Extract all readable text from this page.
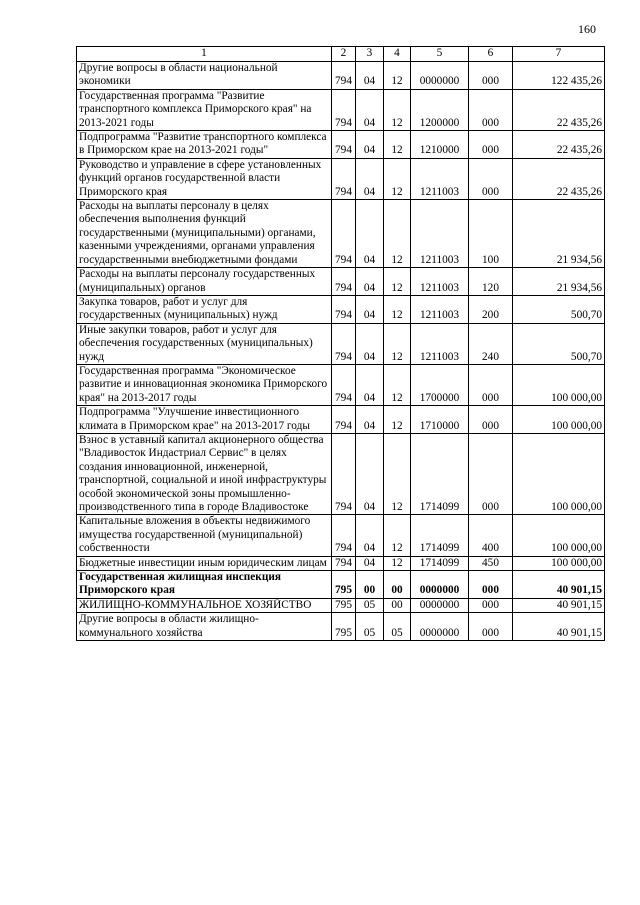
160
1	2	3	4	5	6	7
Другие вопросы в области национальной экономики	794	04	12	0000000	000	122 435,26
Государственная программа "Развитие транспортного комплекса Приморского края" на 2013-2021 годы	794	04	12	1200000	000	22 435,26
Подпрограмма "Развитие транспортного комплекса в Приморском крае на 2013-2021 годы"	794	04	12	1210000	000	22 435,26
Руководство и управление в сфере установленных функций органов государственной власти Приморского края	794	04	12	1211003	000	22 435,26
Расходы на выплаты персоналу в целях обеспечения выполнения функций государственными (муниципальными) органами, казенными учреждениями, органами управления государственными внебюджетными фондами	794	04	12	1211003	100	21 934,56
Расходы на выплаты персоналу государственных (муниципальных) органов	794	04	12	1211003	120	21 934,56
Закупка товаров, работ и услуг для государственных (муниципальных) нужд	794	04	12	1211003	200	500,70
Иные закупки товаров, работ и услуг для обеспечения государственных (муниципальных) нужд	794	04	12	1211003	240	500,70
Государственная программа "Экономическое развитие и инновационная экономика Приморского края" на 2013-2017 годы	794	04	12	1700000	000	100 000,00
Подпрограмма "Улучшение инвестиционного климата в Приморском крае" на 2013-2017 годы	794	04	12	1710000	000	100 000,00
Взнос в уставный капитал акционерного общества "Владивосток Индастриал Сервис" в целях создания инновационной, инженерной, транспортной, социальной и иной инфраструктуры особой экономической зоны промышленно-производственного типа в городе Владивостоке	794	04	12	1714099	000	100 000,00
Капитальные вложения в объекты недвижимого имущества государственной (муниципальной) собственности	794	04	12	1714099	400	100 000,00
Бюджетные инвестиции иным юридическим лицам	794	04	12	1714099	450	100 000,00
Государственная жилищная инспекция Приморского края	795	00	00	0000000	000	40 901,15
ЖИЛИЩНО-КОММУНАЛЬНОЕ ХОЗЯЙСТВО	795	05	00	0000000	000	40 901,15
Другие вопросы в области жилищно-коммунального хозяйства	795	05	05	0000000	000	40 901,15
